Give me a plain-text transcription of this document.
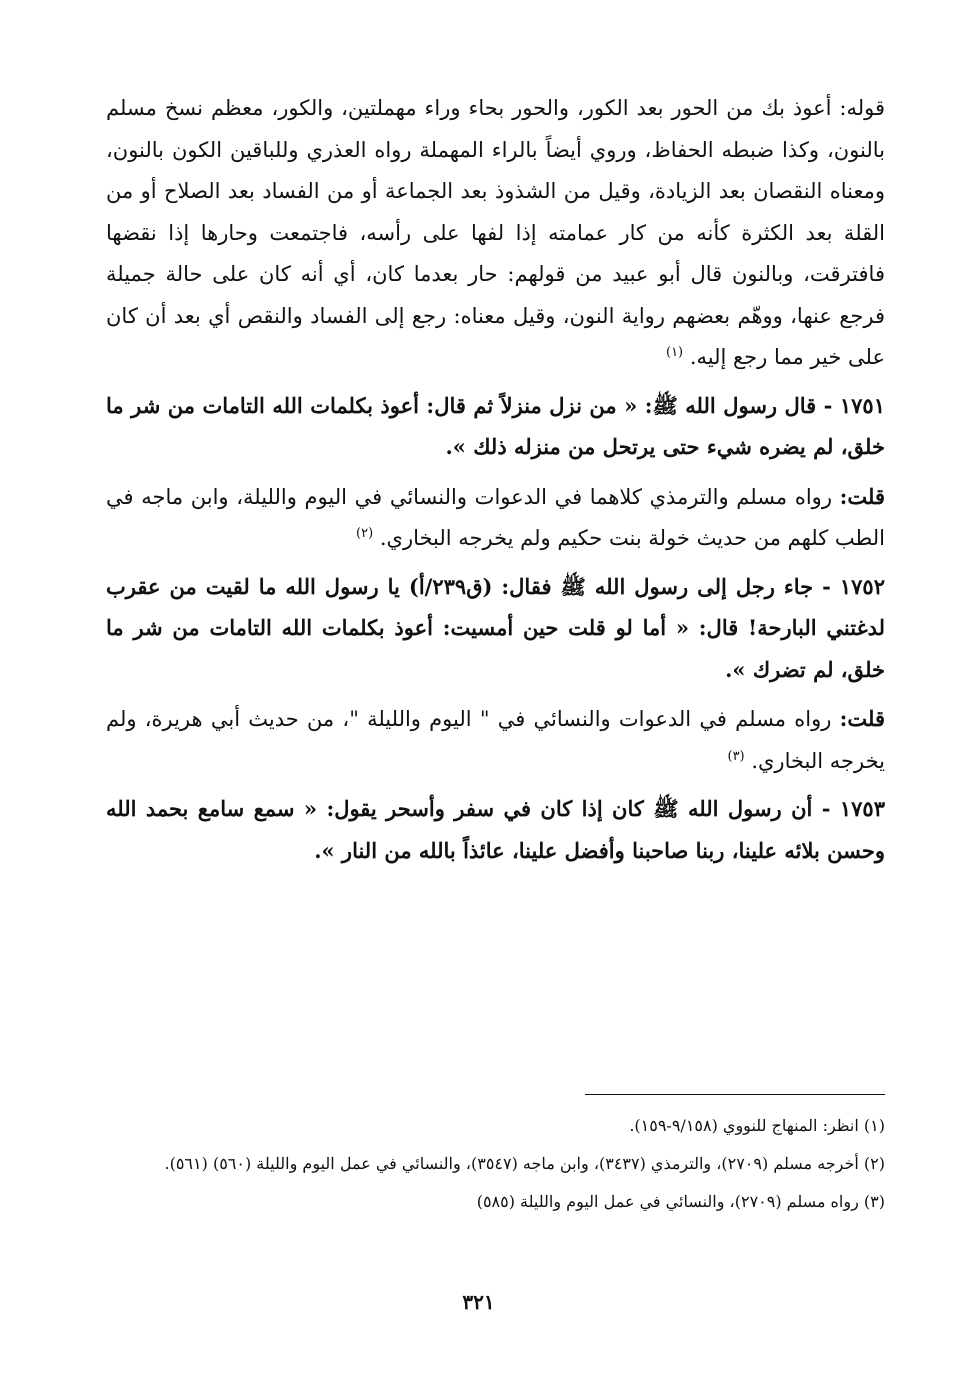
قوله: أعوذ بك من الحور بعد الكور، والحور بحاء وراء مهملتين، والكور، معظم نسخ مسلم بالنون، وكذا ضبطه الحفاظ، وروي أيضاً بالراء المهملة رواه العذري وللباقين الكون بالنون، ومعناه النقصان بعد الزيادة، وقيل من الشذوذ بعد الجماعة أو من الفساد بعد الصلاح أو من القلة بعد الكثرة كأنه من كار عمامته إذا لفها على رأسه، فاجتمعت وحارها إذا نقضها فافترقت، وبالنون قال أبو عبيد من قولهم: حار بعدما كان، أي أنه كان على حالة جميلة فرجع عنها، ووهّم بعضهم رواية النون، وقيل معناه: رجع إلى الفساد والنقص أي بعد أن كان على خير مما رجع إليه. $^{(١)}$

١٧٥١ - قال رسول الله ﷺ: « من نزل منزلاً ثم قال: أعوذ بكلمات الله التامات من شر ما خلق، لم يضره شيء حتى يرتحل من منزله ذلك ».

قلت: رواه مسلم والترمذي كلاهما في الدعوات والنسائي في اليوم والليلة، وابن ماجه في الطب كلهم من حديث خولة بنت حكيم ولم يخرجه البخاري. $^{(٢)}$

١٧٥٢ - جاء رجل إلى رسول الله ﷺ فقال: (ق٢٣٩/أ) يا رسول الله ما لقيت من عقرب لدغتني البارحة! قال: « أما لو قلت حين أمسيت: أعوذ بكلمات الله التامات من شر ما خلق، لم تضرك ».

قلت: رواه مسلم في الدعوات والنسائي في " اليوم والليلة "، من حديث أبي هريرة، ولم يخرجه البخاري. $^{(٣)}$

١٧٥٣ - أن رسول الله ﷺ كان إذا كان في سفر وأسحر يقول: « سمع سامع بحمد الله وحسن بلائه علينا، ربنا صاحبنا وأفضل علينا، عائذاً بالله من النار ».

(١) انظر: المنهاج للنووي (٩/١٥٨-١٥٩).

(٢) أخرجه مسلم (٢٧٠٩)، والترمذي (٣٤٣٧)، وابن ماجه (٣٥٤٧)، والنسائي في عمل اليوم والليلة (٥٦٠) (٥٦١).

(٣) رواه مسلم (٢٧٠٩)، والنسائي في عمل اليوم والليلة (٥٨٥)

٣٢١
